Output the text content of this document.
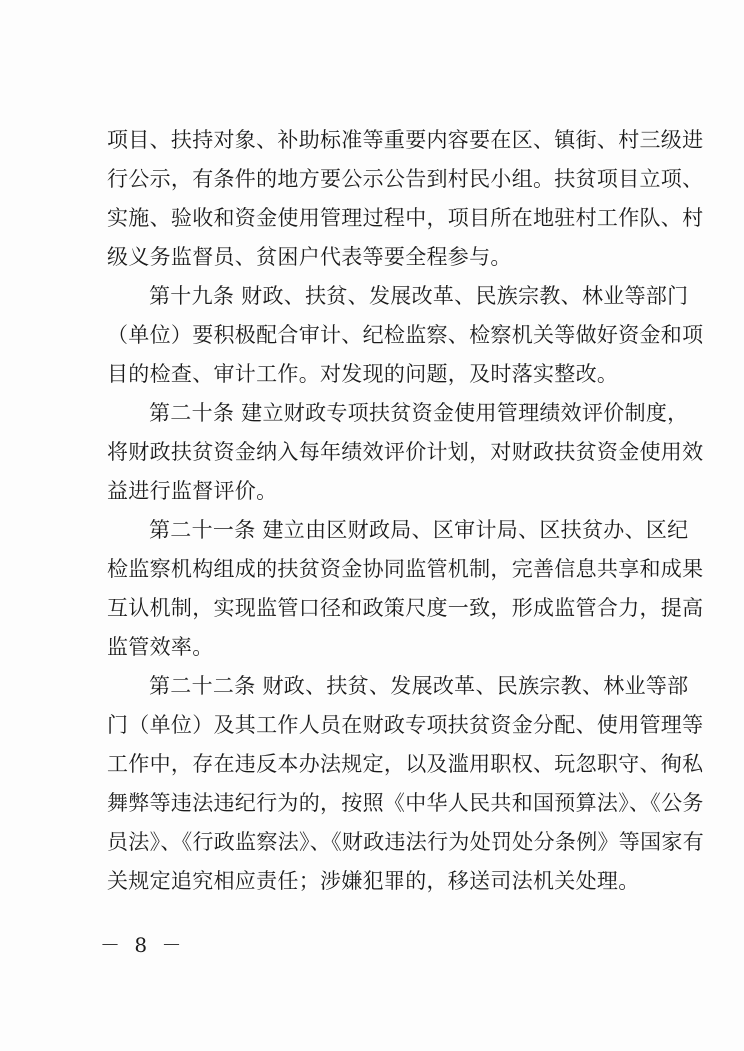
项目、扶持对象、补助标准等重要内容要在区、镇街、村三级进
行公示，有条件的地方要公示公告到村民小组。扶贫项目立项、
实施、验收和资金使用管理过程中，项目所在地驻村工作队、村
级义务监督员、贫困户代表等要全程参与。
第十九条 财政、扶贫、发展改革、民族宗教、林业等部门
（单位）要积极配合审计、纪检监察、检察机关等做好资金和项
目的检查、审计工作。对发现的问题，及时落实整改。
第二十条 建立财政专项扶贫资金使用管理绩效评价制度，
将财政扶贫资金纳入每年绩效评价计划，对财政扶贫资金使用效
益进行监督评价。
第二十一条 建立由区财政局、区审计局、区扶贫办、区纪
检监察机构组成的扶贫资金协同监管机制，完善信息共享和成果
互认机制，实现监管口径和政策尺度一致，形成监管合力，提高
监管效率。
第二十二条 财政、扶贫、发展改革、民族宗教、林业等部
门（单位）及其工作人员在财政专项扶贫资金分配、使用管理等
工作中，存在违反本办法规定，以及滥用职权、玩忽职守、徇私
舞弊等违法违纪行为的，按照《中华人民共和国预算法》、《公务
员法》、《行政监察法》、《财政违法行为处罚处分条例》等国家有
关规定追究相应责任；涉嫌犯罪的，移送司法机关处理。
－ 8 －
